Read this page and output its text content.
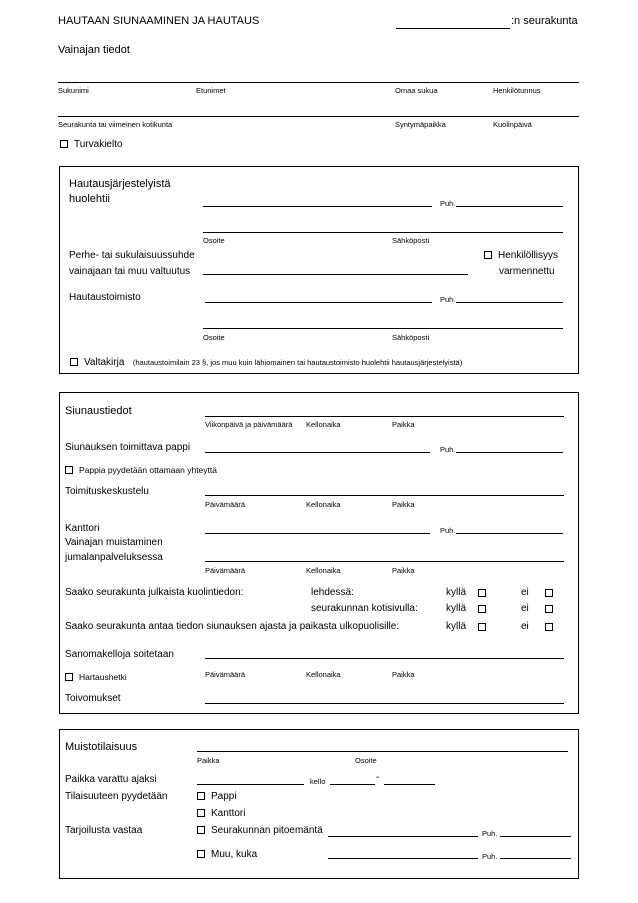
HAUTAAN SIUNAAMINEN JA HAUTAUS	:n seurakunta
Vainajan tiedot
Sukunimi	Etunimet	Omaa sukua	Henkilötunnus
Seurakunta tai viimeinen kotikunta	Syntymäpaikka	Kuolinpäivä
Turvakielto
Hautausjärjestelyistä
huolehtii	Puh.
Osoite	Sähköposti
Perhe- tai sukulaisuussuhde
vainajaan tai muu valtuutus
Henkilöllisyys
varmennettu
Hautaustoimisto	Puh.
Osoite	Sähköposti
Valtakirja (hautaustoimilain 23 §, jos muu kuin lähiomainen tai hautaustoimisto huolehtii hautausjärjestelyistä)
Siunaustiedot
Viikonpäivä ja päivämäärä Kellonaika	Paikka
Siunauksen toimittava pappi	Puh.
Pappia pyydetään ottamaan yhteyttä
Toimituskeskustelu
Päivämäärä	Kellonaika	Paikka
Kanttori	Puh.
Vainajan muistaminen
jumalanpalveluksessa
Päivämäärä	Kellonaika	Paikka
Saako seurakunta julkaista kuolintiedon:	lehdessä:	kyllä	ei
seurakunnan kotisivulla:	kyllä	ei
Saako seurakunta antaa tiedon siunauksen ajasta ja paikasta ulkopuolisille:	kyllä	ei
Sanomakelloja soitetaan
Hartaushetki	Päivämäärä	Kellonaika	Paikka
Toivomukset
Muistotilaisuus
Paikka	Osoite
Paikka varattu ajaksi	kello	-
Tilaisuuteen pyydetään	Pappi
Kanttori
Tarjoilusta vastaa	Seurakunnan pitoemäntä	Puh.
Muu, kuka	Puh.
